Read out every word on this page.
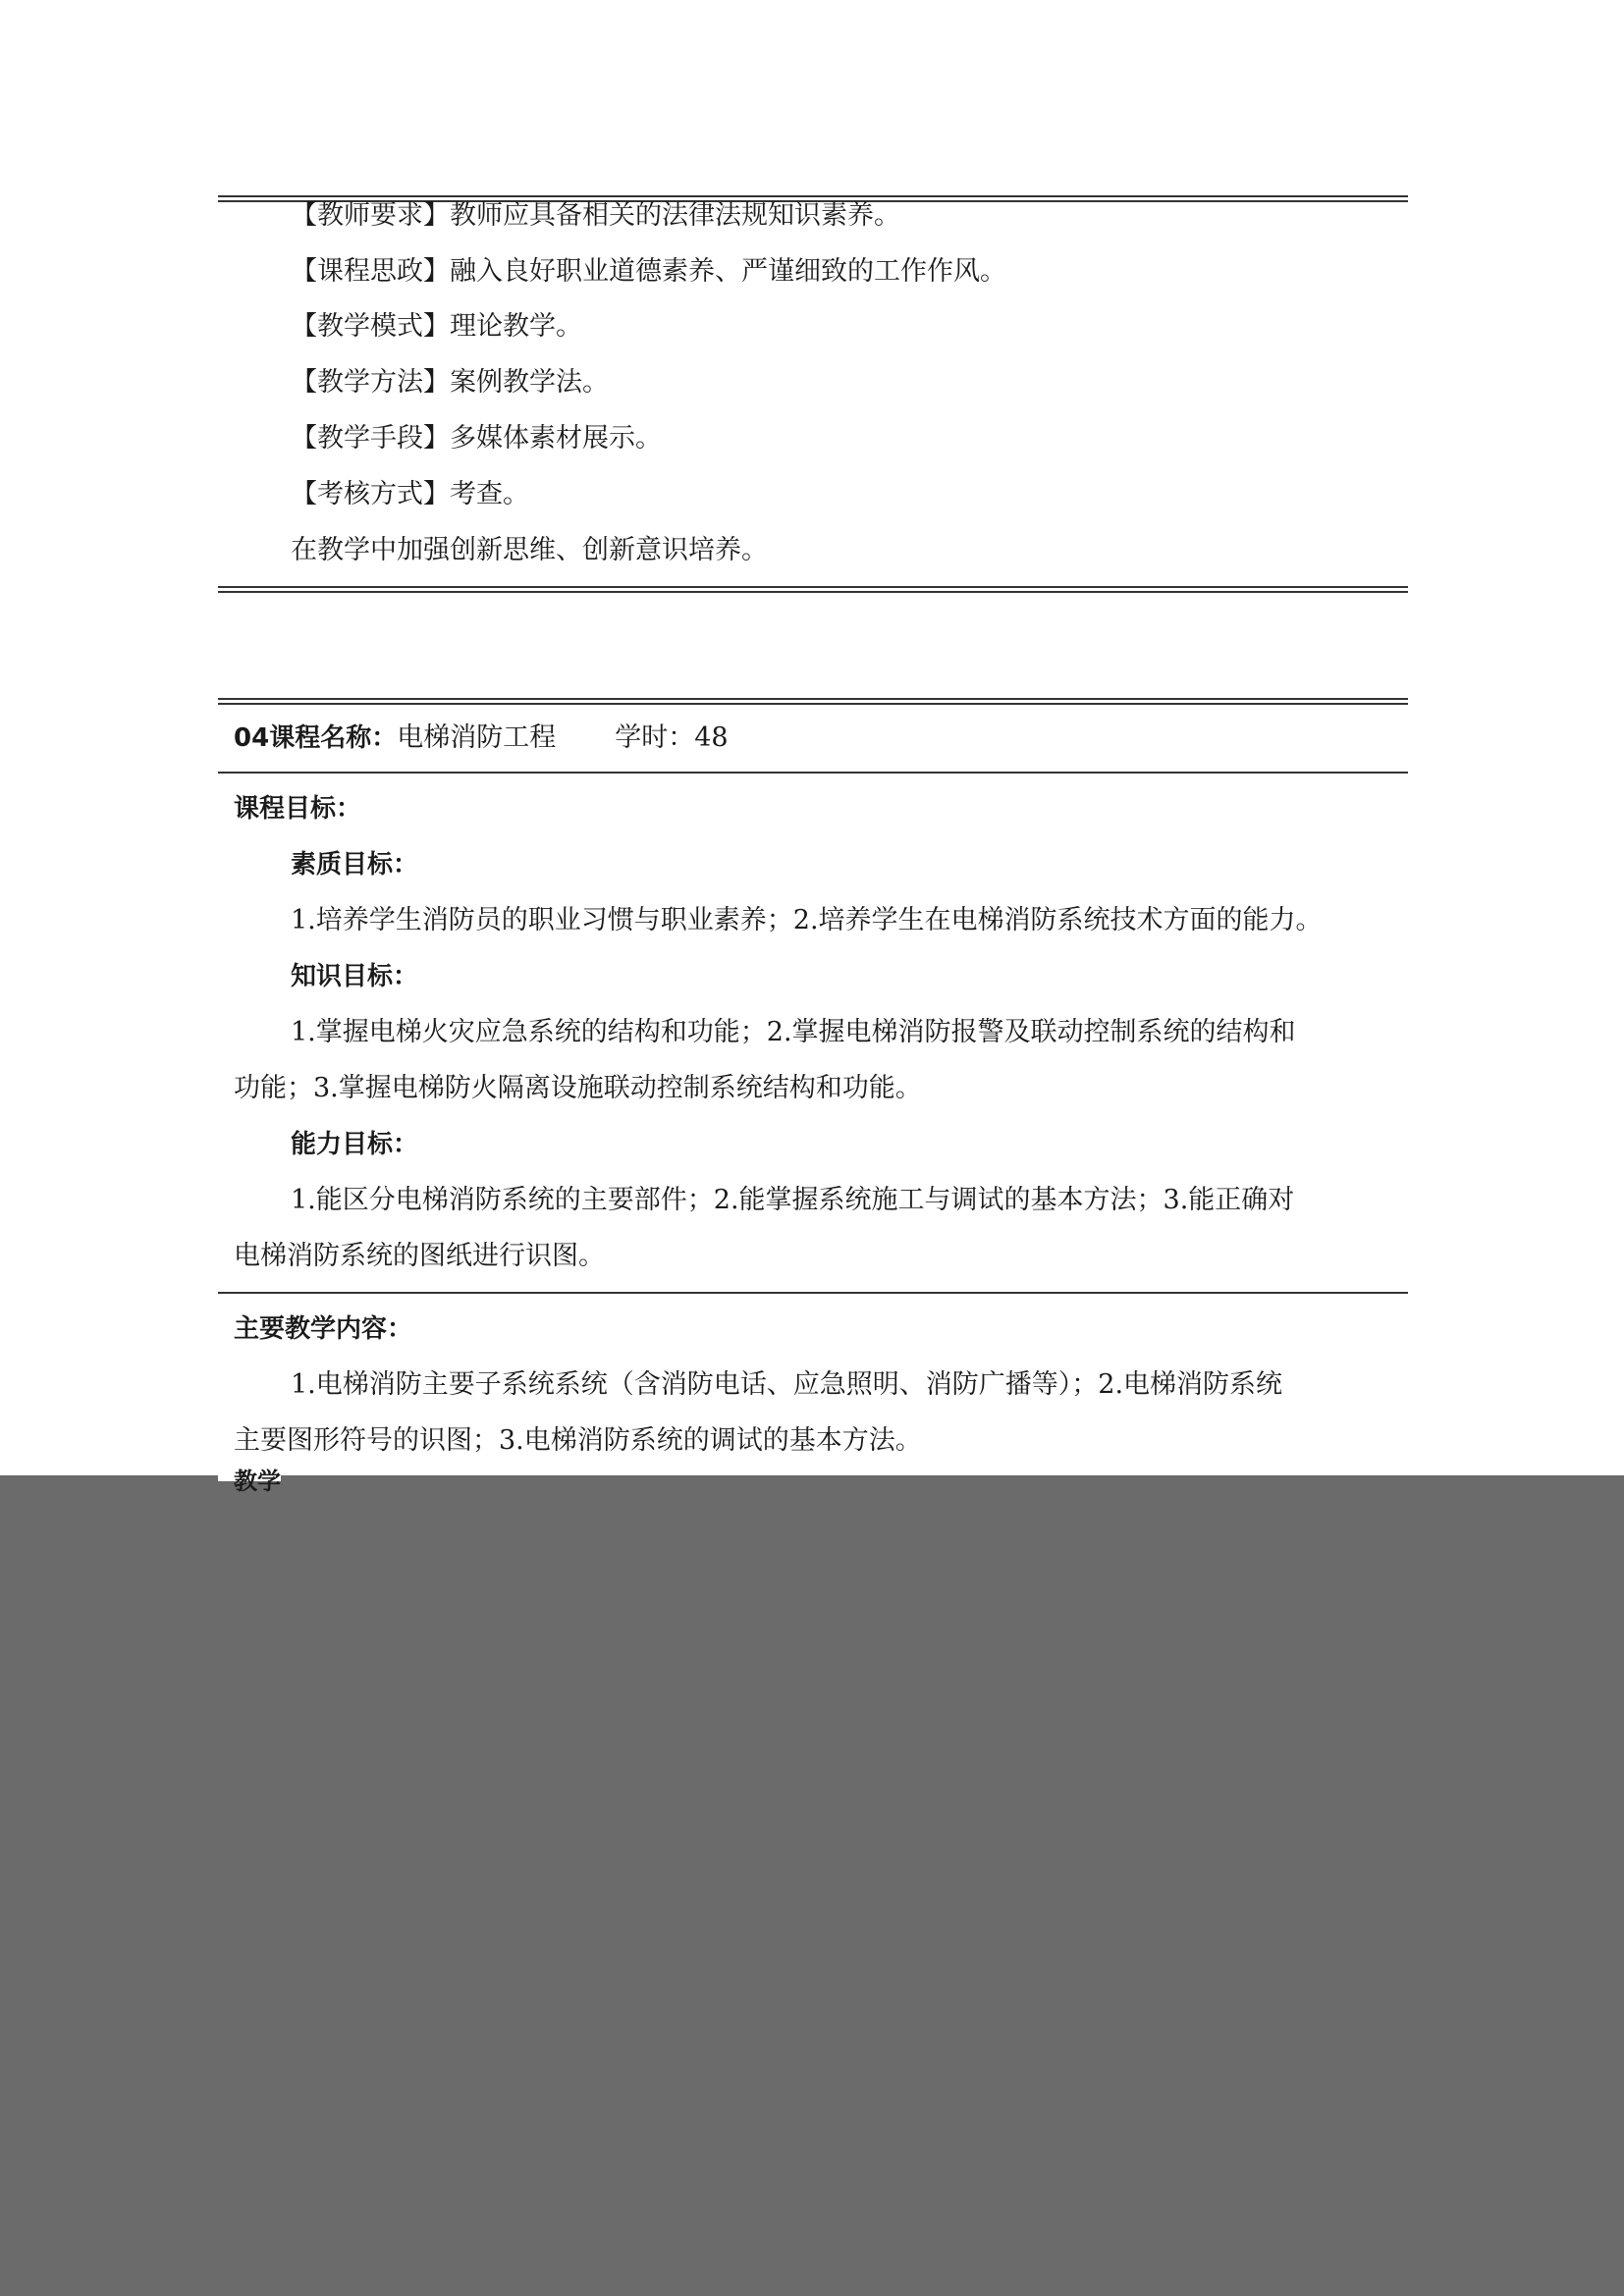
【教师要求】教师应具备相关的法律法规知识素养。
【课程思政】融入良好职业道德素养、严谨细致的工作作风。
【教学模式】理论教学。
【教学方法】案例教学法。
【教学手段】多媒体素材展示。
【考核方式】考查。
在教学中加强创新思维、创新意识培养。
04课程名称：电梯消防工程 学时：48
课程目标：
素质目标：
1.培养学生消防员的职业习惯与职业素养；2.培养学生在电梯消防系统技术方面的能力。
知识目标：
1.掌握电梯火灾应急系统的结构和功能；2.掌握电梯消防报警及联动控制系统的结构和
功能；3.掌握电梯防火隔离设施联动控制系统结构和功能。
能力目标：
1.能区分电梯消防系统的主要部件；2.能掌握系统施工与调试的基本方法；3.能正确对
电梯消防系统的图纸进行识图。
主要教学内容：
1.电梯消防主要子系统系统（含消防电话、应急照明、消防广播等）；2.电梯消防系统
主要图形符号的识图；3.电梯消防系统的调试的基本方法。
教学
